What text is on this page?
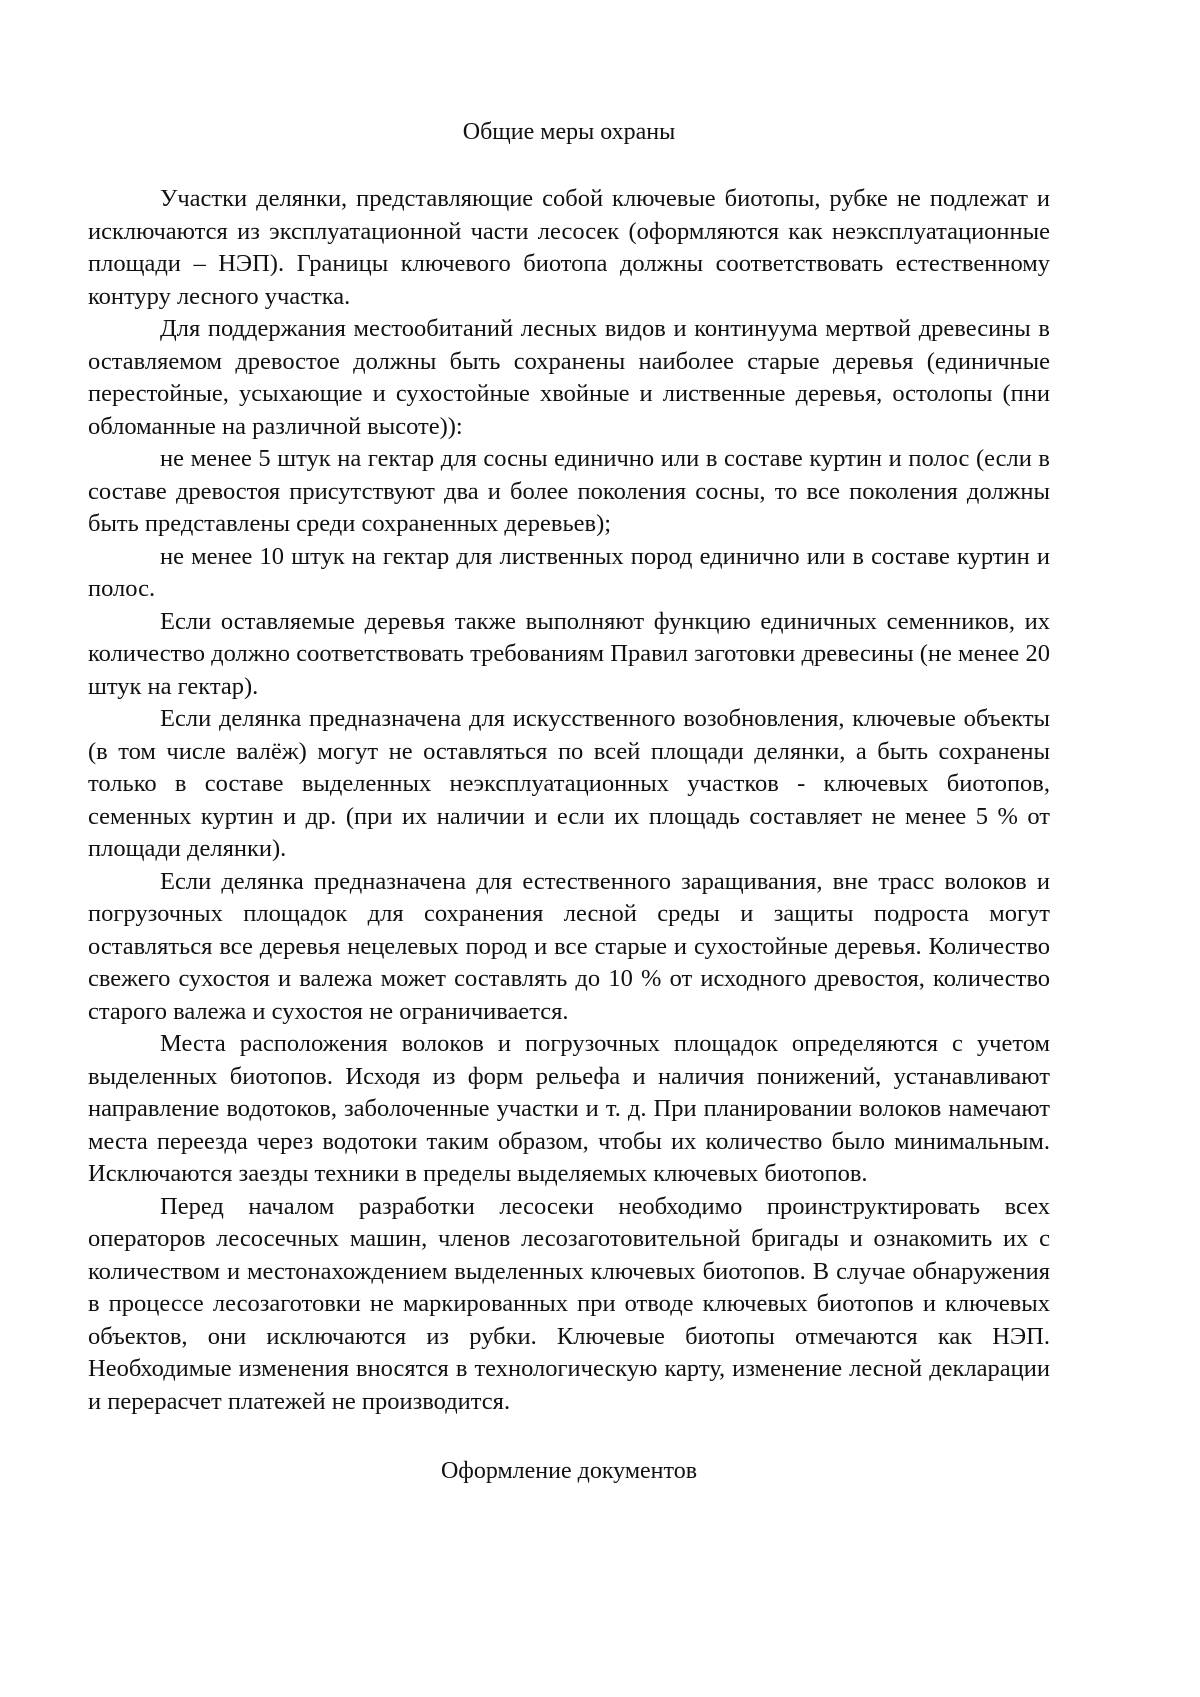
Общие меры охраны

Участки делянки, представляющие собой ключевые биотопы, рубке не подлежат и исключаются из эксплуатационной части лесосек (оформляются как неэксплуатационные площади – НЭП). Границы ключевого биотопа должны соответствовать естественному контуру лесного участка.

Для поддержания местообитаний лесных видов и континуума мертвой древесины в оставляемом древостое должны быть сохранены наиболее старые деревья (единичные перестойные, усыхающие и сухостойные хвойные и лиственные деревья, остолопы (пни обломанные на различной высоте)):

не менее 5 штук на гектар для сосны единично или в составе куртин и полос (если в составе древостоя присутствуют два и более поколения сосны, то все поколения должны быть представлены среди сохраненных деревьев);

не менее 10 штук на гектар для лиственных пород единично или в составе куртин и полос.

Если оставляемые деревья также выполняют функцию единичных семенников, их количество должно соответствовать требованиям Правил заготовки древесины (не менее 20 штук на гектар).

Если делянка предназначена для искусственного возобновления, ключевые объекты (в том числе валёж) могут не оставляться по всей площади делянки, а быть сохранены только в составе выделенных неэксплуатационных участков - ключевых биотопов, семенных куртин и др. (при их наличии и если их площадь составляет не менее 5 % от площади делянки).

Если делянка предназначена для естественного заращивания, вне трасс волоков и погрузочных площадок для сохранения лесной среды и защиты подроста могут оставляться все деревья нецелевых пород и все старые и сухостойные деревья. Количество свежего сухостоя и валежа может составлять до 10 % от исходного древостоя, количество старого валежа и сухостоя не ограничивается.

Места расположения волоков и погрузочных площадок определяются с учетом выделенных биотопов. Исходя из форм рельефа и наличия понижений, устанавливают направление водотоков, заболоченные участки и т. д. При планировании волоков намечают места переезда через водотоки таким образом, чтобы их количество было минимальным. Исключаются заезды техники в пределы выделяемых ключевых биотопов.

Перед началом разработки лесосеки необходимо проинструктировать всех операторов лесосечных машин, членов лесозаготовительной бригады и ознакомить их с количеством и местонахождением выделенных ключевых биотопов. В случае обнаружения в процессе лесозаготовки не маркированных при отводе ключевых биотопов и ключевых объектов, они исключаются из рубки. Ключевые биотопы отмечаются как НЭП. Необходимые изменения вносятся в технологическую карту, изменение лесной декларации и перерасчет платежей не производится.

Оформление документов
